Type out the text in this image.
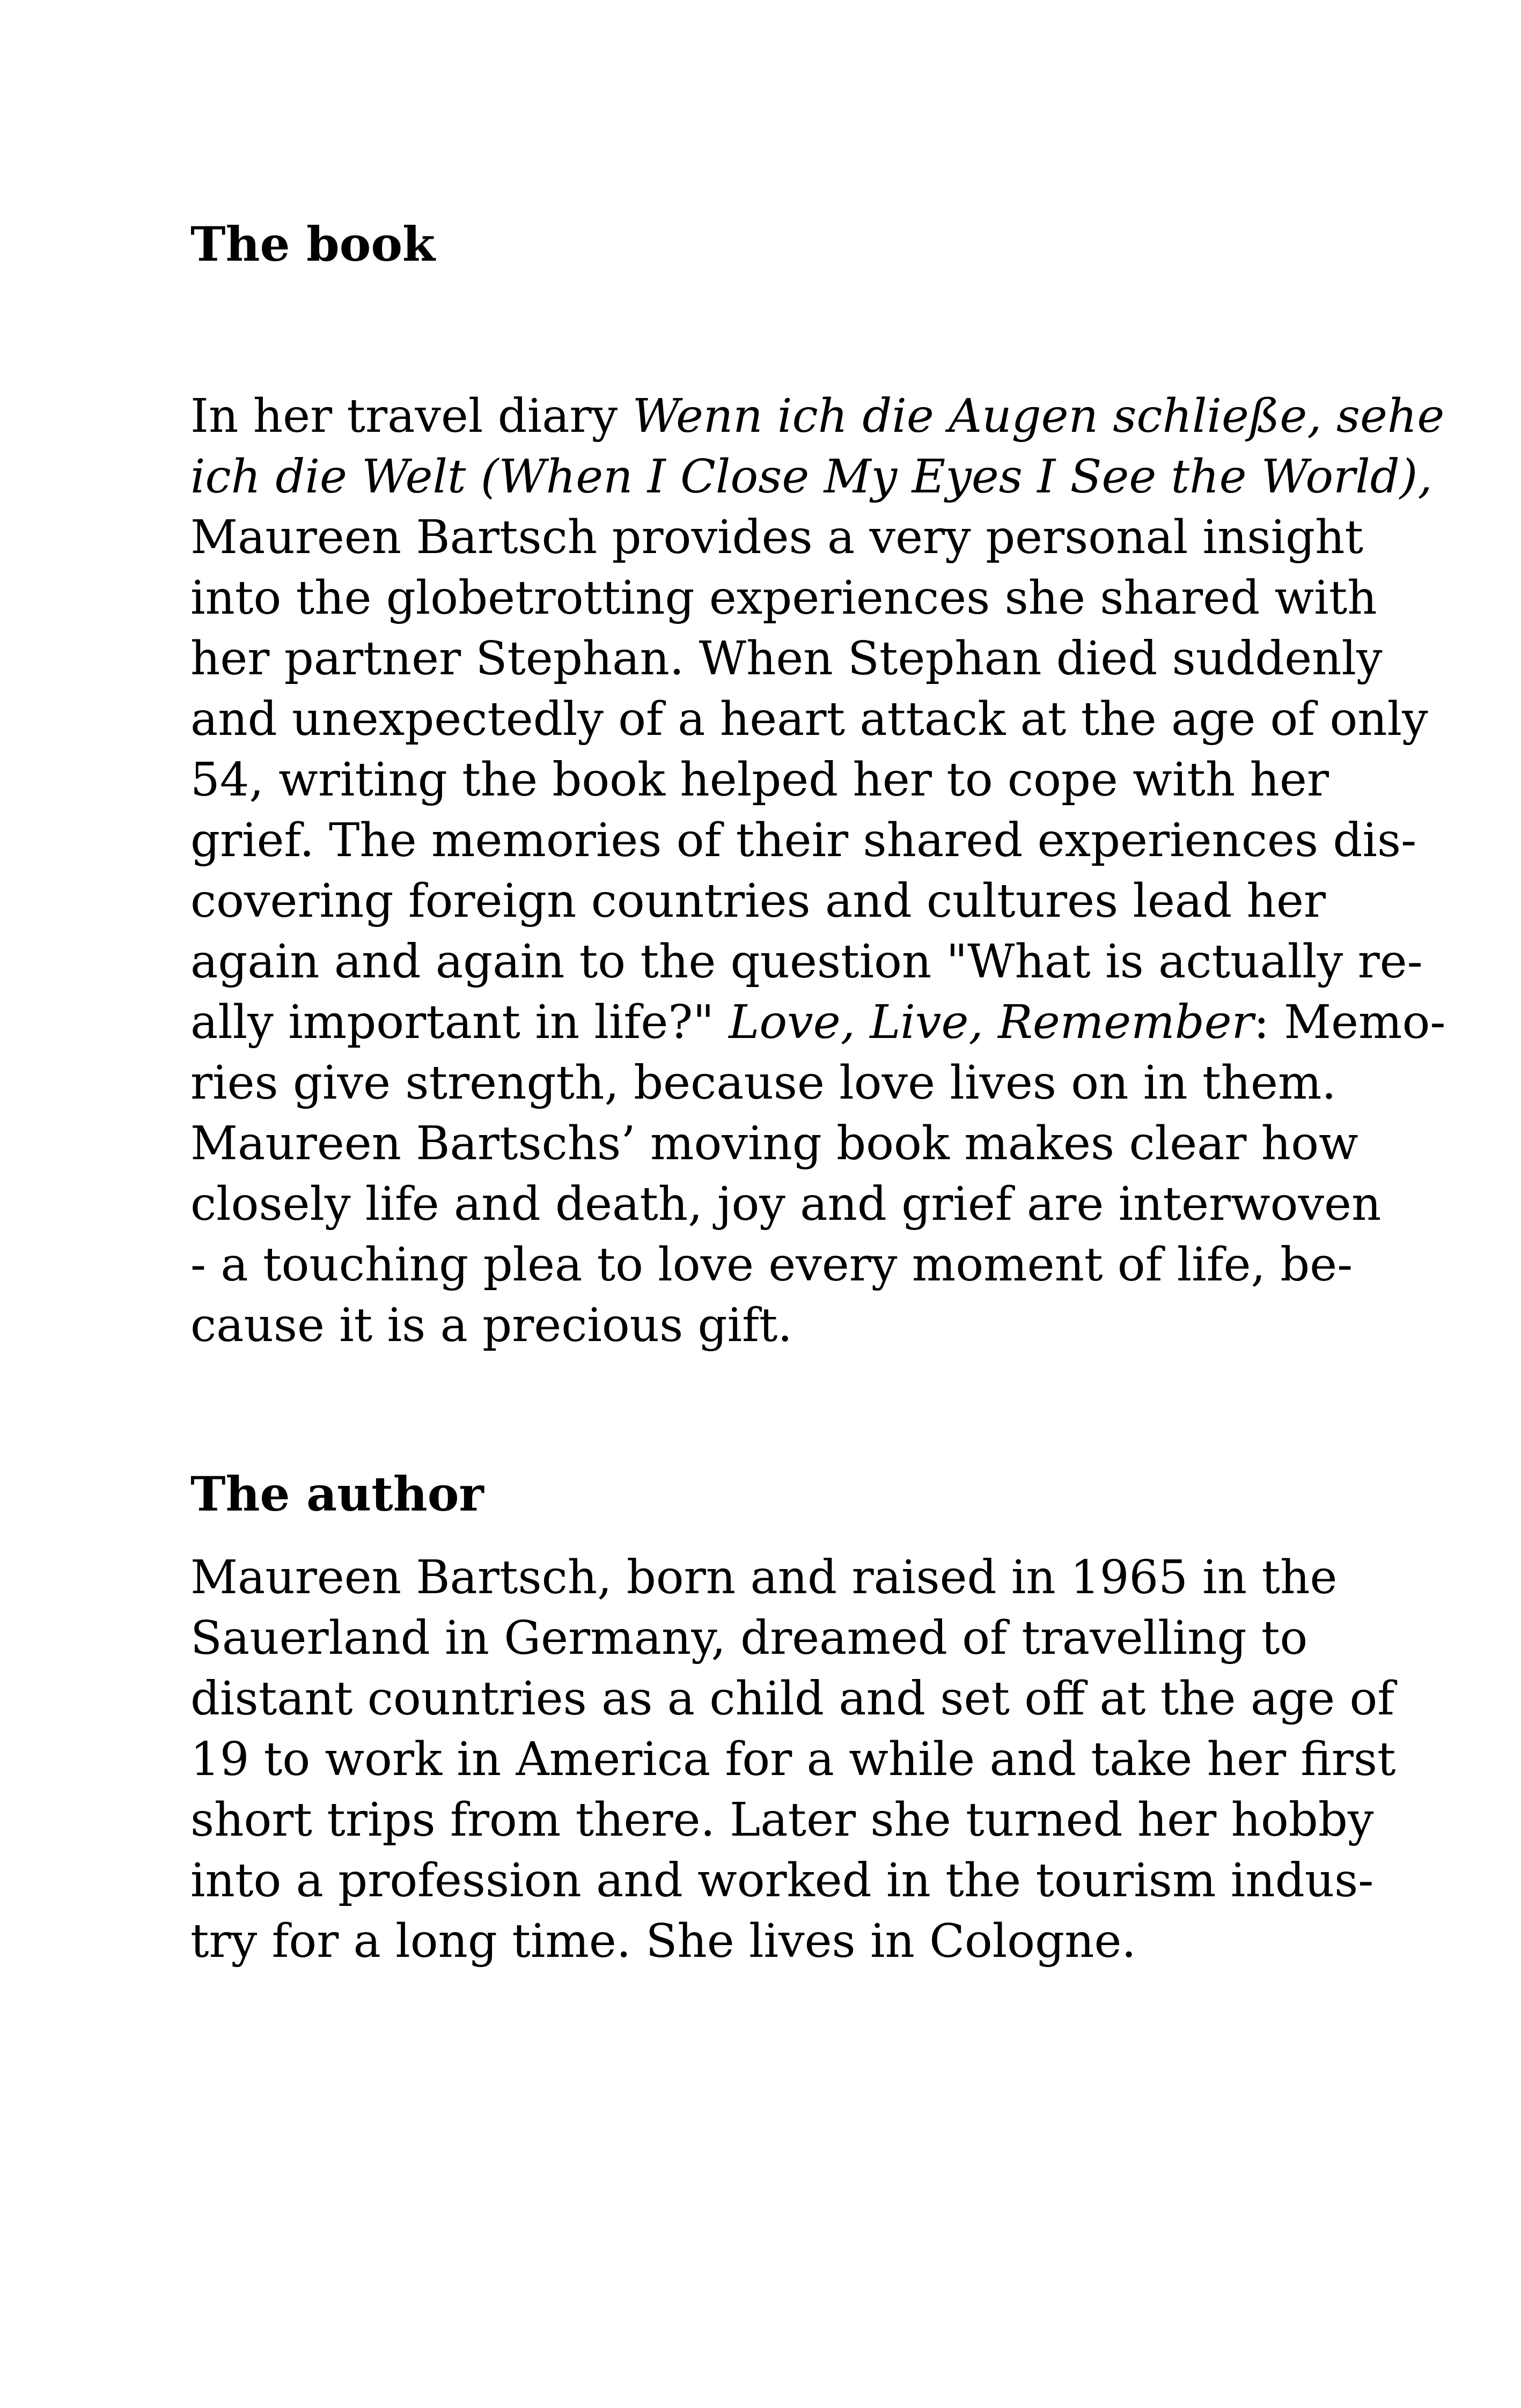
The book
In her travel diary Wenn ich die Augen schließe, sehe
ich die Welt (When I Close My Eyes I See the World),
Maureen Bartsch provides a very personal insight
into the globetrotting experiences she shared with
her partner Stephan. When Stephan died suddenly
and unexpectedly of a heart attack at the age of only
54, writing the book helped her to cope with her
grief. The memories of their shared experiences dis-
covering foreign countries and cultures lead her
again and again to the question "What is actually re-
ally important in life?" Love, Live, Remember: Memo-
ries give strength, because love lives on in them.
Maureen Bartschs’ moving book makes clear how
closely life and death, joy and grief are interwoven
- a touching plea to love every moment of life, be-
cause it is a precious gift.
The author
Maureen Bartsch, born and raised in 1965 in the
Sauerland in Germany, dreamed of travelling to
distant countries as a child and set off at the age of
19 to work in America for a while and take her first
short trips from there. Later she turned her hobby
into a profession and worked in the tourism indus-
try for a long time. She lives in Cologne.
